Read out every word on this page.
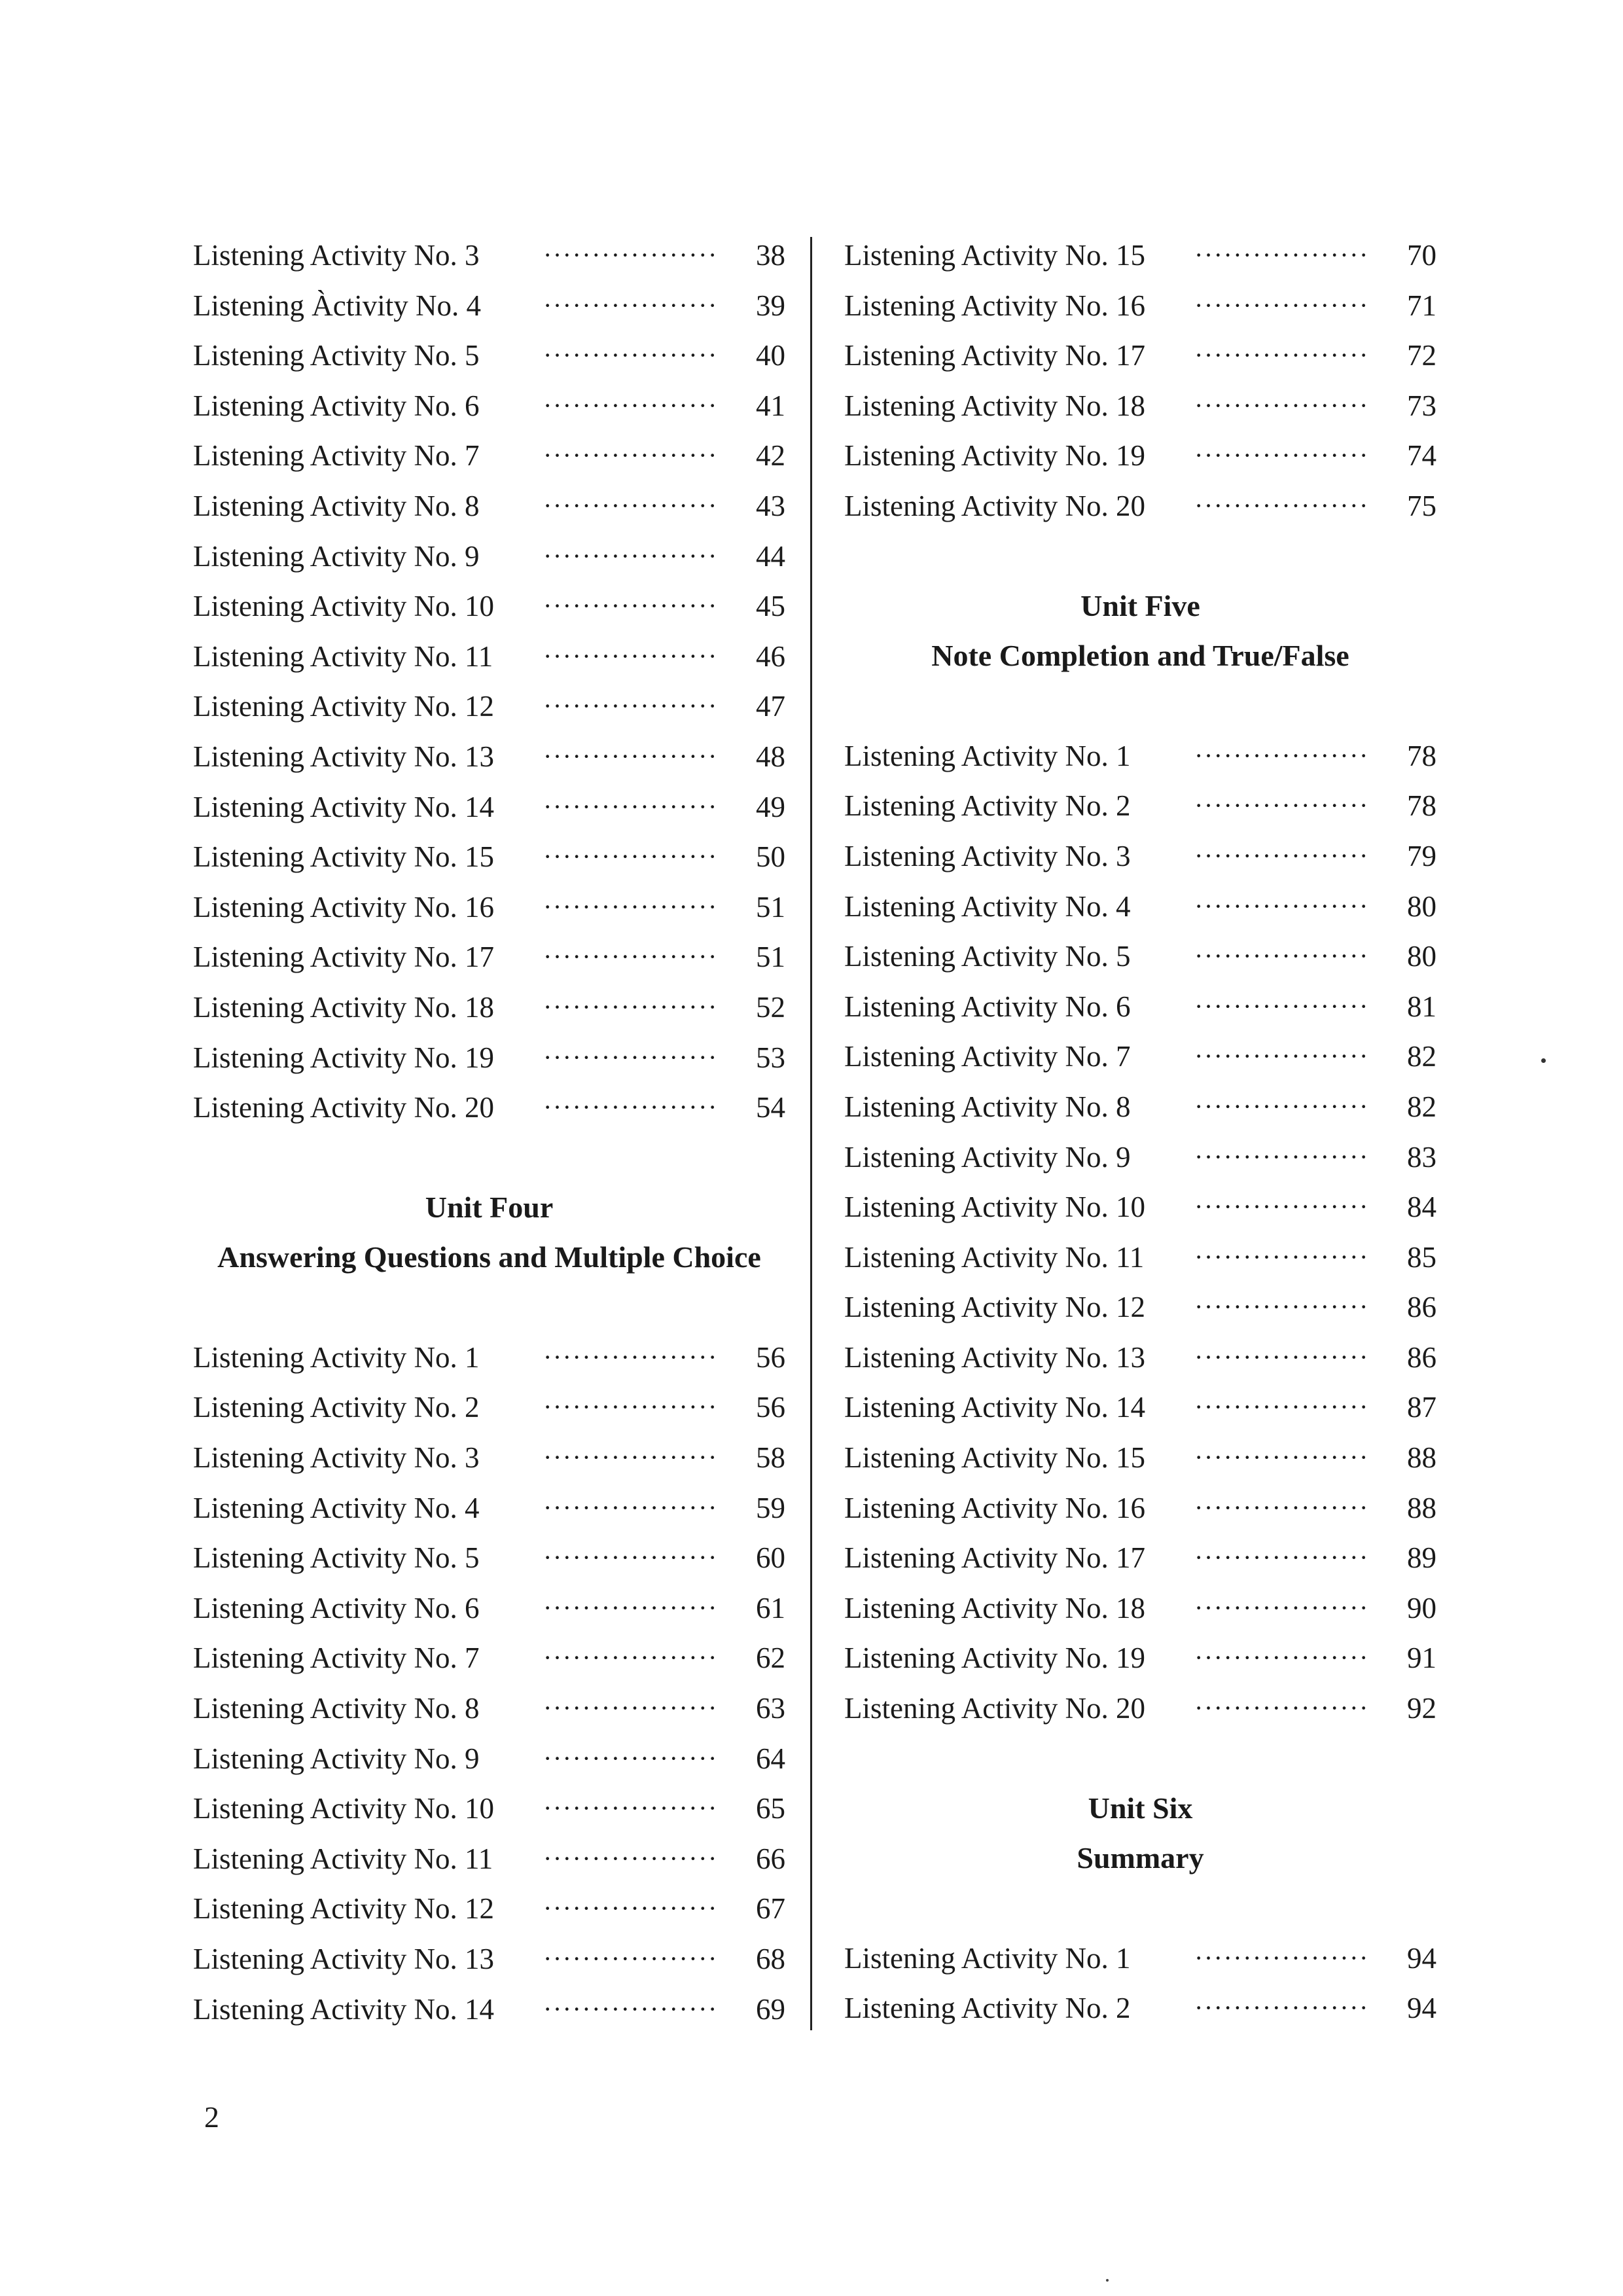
Listening Activity No. 3 ·················· 38
Listening Àctivity No. 4 ·················· 39
Listening Activity No. 5 ·················· 40
Listening Activity No. 6 ·················· 41
Listening Activity No. 7 ·················· 42
Listening Activity No. 8 ·················· 43
Listening Activity No. 9 ·················· 44
Listening Activity No. 10 ·················· 45
Listening Activity No. 11 ·················· 46
Listening Activity No. 12 ·················· 47
Listening Activity No. 13 ·················· 48
Listening Activity No. 14 ·················· 49
Listening Activity No. 15 ·················· 50
Listening Activity No. 16 ·················· 51
Listening Activity No. 17 ·················· 51
Listening Activity No. 18 ·················· 52
Listening Activity No. 19 ·················· 53
Listening Activity No. 20 ·················· 54
Unit Four
Answering Questions and Multiple Choice
Listening Activity No. 1 ·················· 56
Listening Activity No. 2 ·················· 56
Listening Activity No. 3 ·················· 58
Listening Activity No. 4 ·················· 59
Listening Activity No. 5 ·················· 60
Listening Activity No. 6 ·················· 61
Listening Activity No. 7 ·················· 62
Listening Activity No. 8 ·················· 63
Listening Activity No. 9 ·················· 64
Listening Activity No. 10 ·················· 65
Listening Activity No. 11 ·················· 66
Listening Activity No. 12 ·················· 67
Listening Activity No. 13 ·················· 68
Listening Activity No. 14 ·················· 69
Listening Activity No. 15 ·················· 70
Listening Activity No. 16 ·················· 71
Listening Activity No. 17 ·················· 72
Listening Activity No. 18 ·················· 73
Listening Activity No. 19 ·················· 74
Listening Activity No. 20 ·················· 75
Unit Five
Note Completion and True/False
Listening Activity No. 1 ·················· 78
Listening Activity No. 2 ·················· 78
Listening Activity No. 3 ·················· 79
Listening Activity No. 4 ·················· 80
Listening Activity No. 5 ·················· 80
Listening Activity No. 6 ·················· 81
Listening Activity No. 7 ·················· 82
Listening Activity No. 8 ·················· 82
Listening Activity No. 9 ·················· 83
Listening Activity No. 10 ·················· 84
Listening Activity No. 11 ·················· 85
Listening Activity No. 12 ·················· 86
Listening Activity No. 13 ·················· 86
Listening Activity No. 14 ·················· 87
Listening Activity No. 15 ·················· 88
Listening Activity No. 16 ·················· 88
Listening Activity No. 17 ·················· 89
Listening Activity No. 18 ·················· 90
Listening Activity No. 19 ·················· 91
Listening Activity No. 20 ·················· 92
Unit Six
Summary
Listening Activity No. 1 ·················· 94
Listening Activity No. 2 ·················· 94
2
